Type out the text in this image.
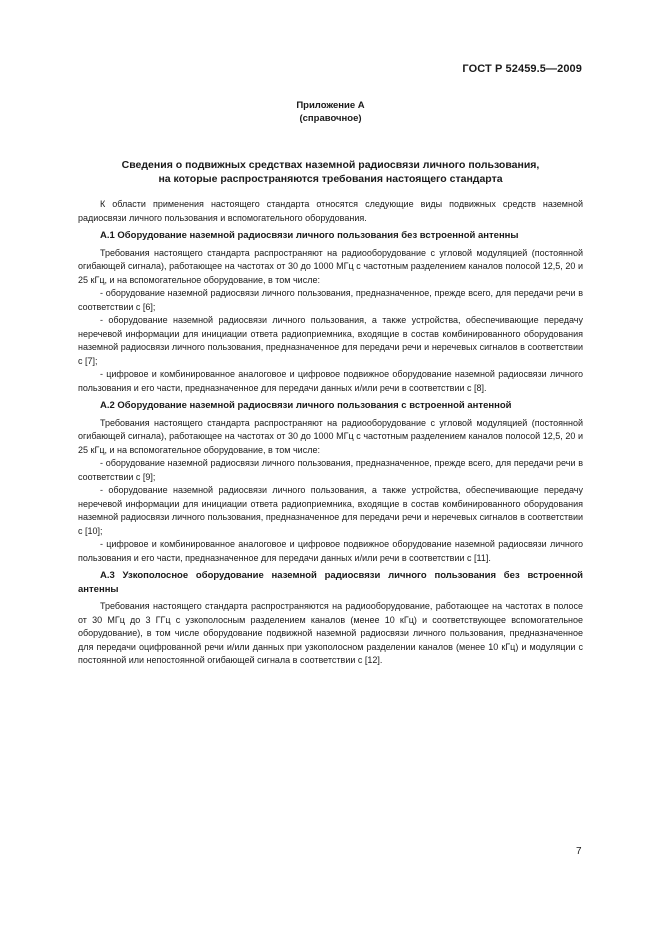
ГОСТ Р 52459.5—2009
Приложение А
(справочное)
Сведения о подвижных средствах наземной радиосвязи личного пользования,
на которые распространяются требования настоящего стандарта

К области применения настоящего стандарта относятся следующие виды подвижных средств наземной радиосвязи личного пользования и вспомогательного оборудования.

А.1 Оборудование наземной радиосвязи личного пользования без встроенной антенны

Требования настоящего стандарта распространяют на радиооборудование с угловой модуляцией (постоянной огибающей сигнала), работающее на частотах от 30 до 1000 МГц с частотным разделением каналов полосой 12,5, 20 и 25 кГц, и на вспомогательное оборудование, в том числе:

- оборудование наземной радиосвязи личного пользования, предназначенное, прежде всего, для передачи речи в соответствии с [6];

- оборудование наземной радиосвязи личного пользования, а также устройства, обеспечивающие передачу неречевой информации для инициации ответа радиоприемника, входящие в состав комбинированного оборудования наземной радиосвязи личного пользования, предназначенное для передачи речи и неречевых сигналов в соответствии с [7];

- цифровое и комбинированное аналоговое и цифровое подвижное оборудование наземной радиосвязи личного пользования и его части, предназначенное для передачи данных и/или речи в соответствии с [8].

А.2 Оборудование наземной радиосвязи личного пользования с встроенной антенной

Требования настоящего стандарта распространяют на радиооборудование с угловой модуляцией (постоянной огибающей сигнала), работающее на частотах от 30 до 1000 МГц с частотным разделением каналов полосой 12,5, 20 и 25 кГц, и на вспомогательное оборудование, в том числе:

- оборудование наземной радиосвязи личного пользования, предназначенное, прежде всего, для передачи речи в соответствии с [9];

- оборудование наземной радиосвязи личного пользования, а также устройства, обеспечивающие передачу неречевой информации для инициации ответа радиоприемника, входящие в состав комбинированного оборудования наземной радиосвязи личного пользования, предназначенное для передачи речи и неречевых сигналов в соответствии с [10];

- цифровое и комбинированное аналоговое и цифровое подвижное оборудование наземной радиосвязи личного пользования и его части, предназначенное для передачи данных и/или речи в соответствии с [11].

А.3 Узкополосное оборудование наземной радиосвязи личного пользования без встроенной антенны

Требования настоящего стандарта распространяются на радиооборудование, работающее на частотах в полосе от 30 МГц до 3 ГГц с узкополосным разделением каналов (менее 10 кГц) и соответствующее вспомогательное оборудование), в том числе оборудование подвижной наземной радиосвязи личного пользования, предназначенное для передачи оцифрованной речи и/или данных при узкополосном разделении каналов (менее 10 кГц) и модуляции с постоянной или непостоянной огибающей сигнала в соответствии с [12].

7
